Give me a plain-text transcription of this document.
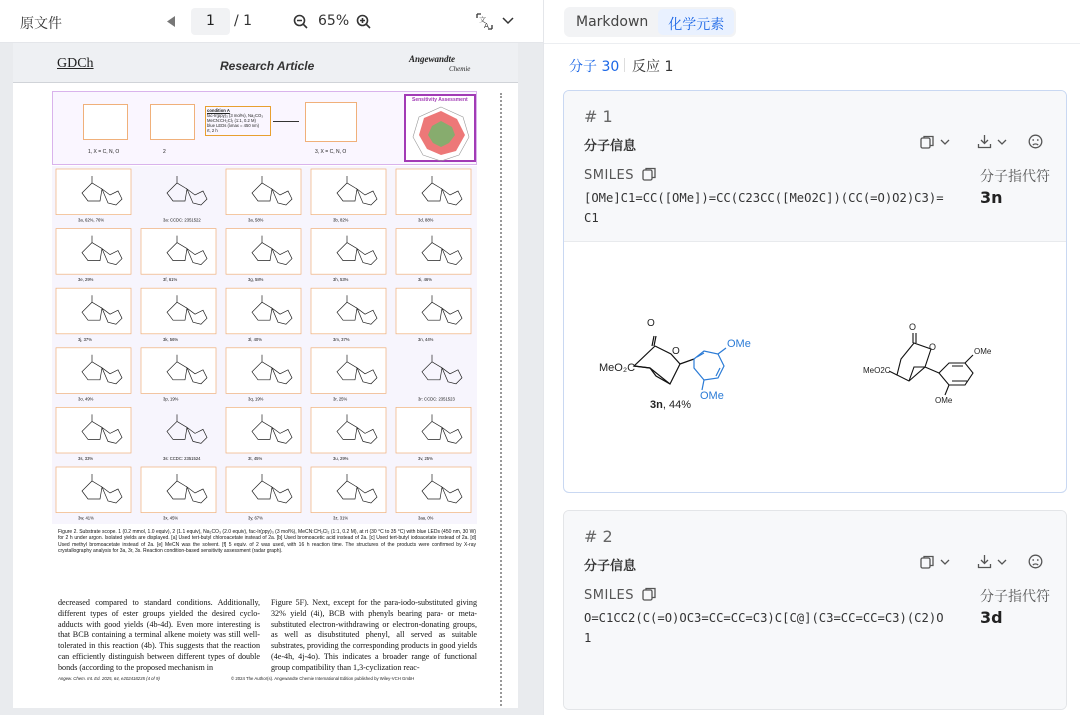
原文件	1	/ 1	65%	文
A
GDCh	Research Article	Angewandte
Chemie
condition A
fac-Ir(ppy)₃ (3 mol%), Na₂CO₃
MeCN:CH₂Cl₂ (1:1, 0.2 M)
blue LEDs (λmax = 450 nm)
rt, 2 h
1, X = C, N, O	2	3, X = C, N, O
Sensitivity Assessment
3a, 62%, 76%	3a: CCDC: 2351522	3a, 58%	3b, 82%	3d, 88%
3e, 29%	3f, 61%	3g, 58%	3h, 53%	3i, 46%
3j, 37%	3k, 56%	3l, 40%	3m, 37%	3n, 44%
3o, 49%	3p, 19%	3q, 19%	3r, 25%	3r: CCDC: 2351523
3s, 33%	3s: CCDC: 2351524	3t, 45%	3u, 29%	3v, 25%
3w, 41%	3x, 45%	3y, 67%	3z, 31%	3aa, 0%
Figure 2. Substrate scope. 1 (0.2 mmol, 1.0 equiv), 2 (1.1 equiv), Na₂CO₃ (2.0 equiv), fac-Ir(ppy)₃ (3 mol%), MeCN:CH₂Cl₂ (1:1, 0.2 M), at rt (30 °C to 35 °C) with blue LEDs (450 nm, 30 W) for 2 h under argon. Isolated yields are displayed. [a] Used tert-butyl chloroacetate instead of 2a. [b] Used bromoacetic acid instead of 2a. [c] Used tert-butyl iodoacetate instead of 2a. [d] Used methyl bromoacetate instead of 2a. [e] MeCN was the solvent. [f] 5 equiv. of 2 was used, with 16 h reaction time. The structures of the products were confirmed by X-ray crystallography analysis for 3a, 3r, 3s. Reaction condition-based sensitivity assessment (radar graph).
decreased compared to standard conditions. Additionally, different types of ester groups yielded the desired cyclo-adducts with good yields (4b-4d). Even more interesting is that BCB containing a terminal alkene moiety was still well-tolerated in this reaction (4b). This suggests that the reaction can efficiently distinguish between different types of double bonds (according to the proposed mechanism in
Figure 5F). Next, except for the para-iodo-substituted giving 32% yield (4i), BCB with phenyls bearing para- or meta-substituted electron-withdrawing or electron-donating groups, as well as disubstituted phenyl, all served as suitable substrates, providing the corresponding products in good yields (4e-4h, 4j-4o). This indicates a broader range of functional group compatibility than 1,3-cyclization reac-
Angew. Chem. Int. Ed. 2025, 64, e202418235 (4 of 9)	© 2024 The Author(s). Angewandte Chemie International Edition published by Wiley-VCH GmbH
Markdown	化学元素
分子 30 反应 1
# 1
分子信息
SMILES
[OMe]C1=CC([OMe])=CC(C23CC([MeO2C])(CC(=O)O2)C3)=C1
分子指代符
3n
O
O
MeO₂C
OMe
OMe
3n, 44%
O
O
MeO2C
OMe
OMe
# 2
分子信息
SMILES
O=C1CC2(C(=O)OC3=CC=CC=C3)C[C@](C3=CC=CC=C3)(C2)O1
分子指代符
3d
